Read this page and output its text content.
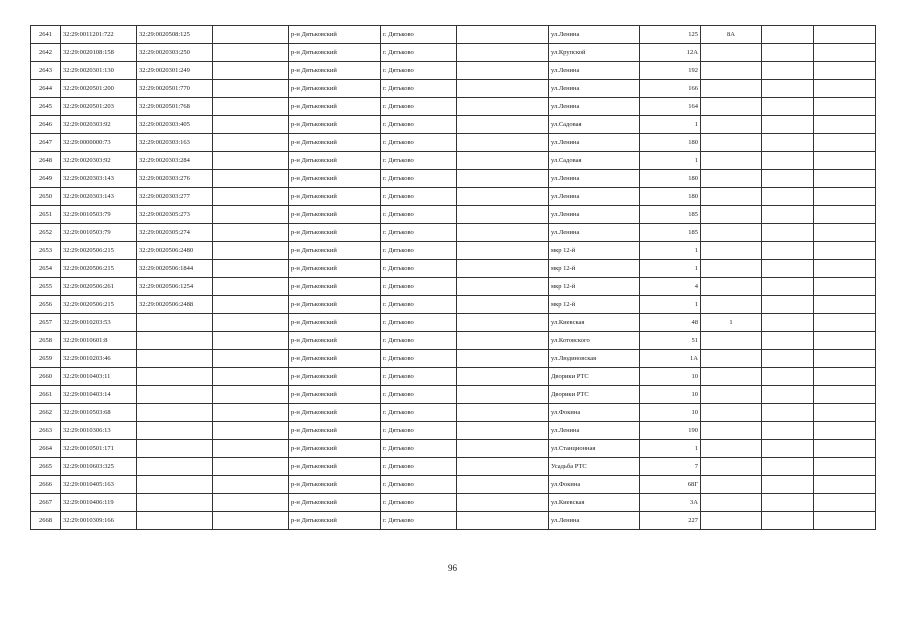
2641	32:29:0011201:722	32:29:0020508:125		р-н Дятьковский	г. Дятьково		ул.Ленина	125	8А		
2642	32:29:0020108:158	32:29:0020303:250		р-н Дятьковский	г. Дятьково		ул.Крупской	12А			
2643	32:29:0020301:130	32:29:0020301:249		р-н Дятьковский	г. Дятьково		ул.Ленина	192			
2644	32:29:0020501:200	32:29:0020501:770		р-н Дятьковский	г. Дятьково		ул.Ленина	166			
2645	32:29:0020501:203	32:29:0020501:768		р-н Дятьковский	г. Дятьково		ул.Ленина	164			
2646	32:29:0020303:92	32:29:0020303:405		р-н Дятьковский	г. Дятьково		ул.Садовая	1			
2647	32:29:0000000:73	32:29:0020303:163		р-н Дятьковский	г. Дятьково		ул.Ленина	180			
2648	32:29:0020303:92	32:29:0020303:284		р-н Дятьковский	г. Дятьково		ул.Садовая	1			
2649	32:29:0020303:143	32:29:0020303:276		р-н Дятьковский	г. Дятьково		ул.Ленина	180			
2650	32:29:0020303:143	32:29:0020303:277		р-н Дятьковский	г. Дятьково		ул.Ленина	180			
2651	32:29:0010503:79	32:29:0020305:273		р-н Дятьковский	г. Дятьково		ул.Ленина	185			
2652	32:29:0010503:79	32:29:0020305:274		р-н Дятьковский	г. Дятьково		ул.Ленина	185			
2653	32:29:0020506:215	32:29:0020506:2480		р-н Дятьковский	г. Дятьково		мкр 12-й	1			
2654	32:29:0020506:215	32:29:0020506:1844		р-н Дятьковский	г. Дятьково		мкр 12-й	1			
2655	32:29:0020506:261	32:29:0020506:1254		р-н Дятьковский	г. Дятьково		мкр 12-й	4			
2656	32:29:0020506:215	32:29:0020506:2488		р-н Дятьковский	г. Дятьково		мкр 12-й	1			
2657	32:29:0010203:53			р-н Дятьковский	г. Дятьково		ул.Киевская	48	1		
2658	32:29:0010601:8			р-н Дятьковский	г. Дятьково		ул.Котовского	51			
2659	32:29:0010203:46			р-н Дятьковский	г. Дятьково		ул.Людиновская	1А			
2660	32:29:0010403:11			р-н Дятьковский	г. Дятьково		Дворики РТС	10			
2661	32:29:0010403:14			р-н Дятьковский	г. Дятьково		Дворики РТС	10			
2662	32:29:0010503:68			р-н Дятьковский	г. Дятьково		ул.Фокина	10			
2663	32:29:0010306:13			р-н Дятьковский	г. Дятьково		ул.Ленина	190			
2664	32:29:0010501:171			р-н Дятьковский	г. Дятьково		ул.Станционная	1			
2665	32:29:0010603:325			р-н Дятьковский	г. Дятьково		Усадьба РТС	7			
2666	32:29:0010405:163			р-н Дятьковский	г. Дятьково		ул.Фокина	68Г			
2667	32:29:0010406:119			р-н Дятьковский	г. Дятьково		ул.Киевская	3А			
2668	32:29:0010309:166			р-н Дятьковский	г. Дятьково		ул.Ленина	227			
96
